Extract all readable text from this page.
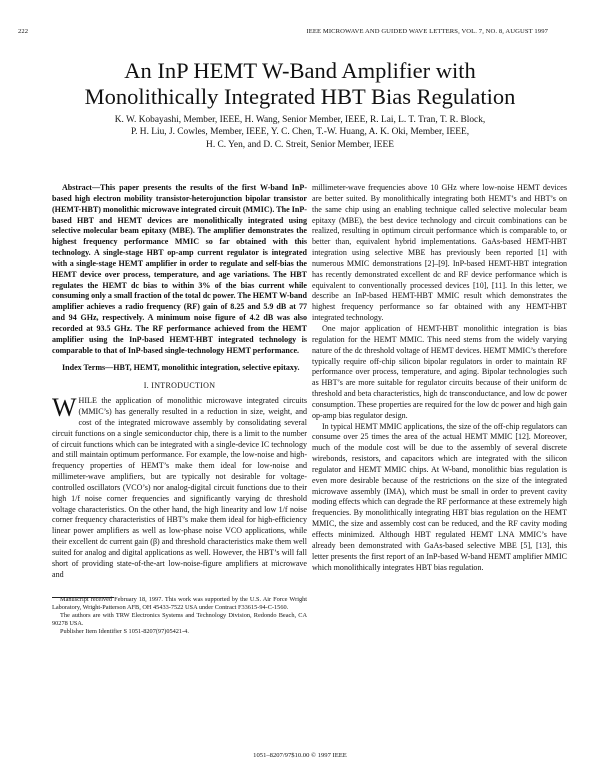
222	IEEE MICROWAVE AND GUIDED WAVE LETTERS, VOL. 7, NO. 8, AUGUST 1997
An InP HEMT W-Band Amplifier with
Monolithically Integrated HBT Bias Regulation
K. W. Kobayashi, Member, IEEE, H. Wang, Senior Member, IEEE, R. Lai, L. T. Tran, T. R. Block,
P. H. Liu, J. Cowles, Member, IEEE, Y. C. Chen, T.-W. Huang, A. K. Oki, Member, IEEE,
H. C. Yen, and D. C. Streit, Senior Member, IEEE

Abstract—This paper presents the results of the first W-band InP-based high electron mobility transistor-heterojunction bipolar transistor (HEMT-HBT) monolithic microwave integrated circuit (MMIC). The InP-based HBT and HEMT devices are monolithically integrated using selective molecular beam epitaxy (MBE). The amplifier demonstrates the highest frequency performance MMIC so far obtained with this technology. A single-stage HBT op-amp current regulator is integrated with a single-stage HEMT amplifier in order to regulate and self-bias the HEMT device over process, temperature, and age variations. The HBT regulates the HEMT dc bias to within 3% of the bias current while consuming only a small fraction of the total dc power. The HEMT W-band amplifier achieves a radio frequency (RF) gain of 8.25 and 5.9 dB at 77 and 94 GHz, respectively. A minimum noise figure of 4.2 dB was also recorded at 93.5 GHz. The RF performance achieved from the HEMT amplifier using the InP-based HEMT-HBT integrated technology is comparable to that of InP-based single-technology HEMT performance.

Index Terms—HBT, HEMT, monolithic integration, selective epitaxy.

I. INTRODUCTION

WHILE the application of monolithic microwave integrated circuits (MMIC’s) has generally resulted in a reduction in size, weight, and cost of the integrated microwave assembly by consolidating several circuit functions on a single semiconductor chip, there is a limit to the number of circuit functions which can be integrated with a single-device IC technology and still maintain optimum performance. For example, the low-noise and high-frequency properties of HEMT’s make them ideal for low-noise and millimeter-wave amplifiers, but are typically not desirable for voltage-controlled oscillators (VCO’s) nor analog-digital circuit functions due to their high 1/f noise corner frequencies and significantly varying dc threshold voltage characteristics. On the other hand, the high linearity and low 1/f noise corner frequency characteristics of HBT’s make them ideal for high-efficiency linear power amplifiers as well as low-phase noise VCO applications, while their excellent dc current gain (β) and threshold characteristics make them well suited for analog and digital applications as well. However, the HBT’s will fall short of providing state-of-the-art low-noise-figure amplifiers at microwave and

Manuscript received February 18, 1997. This work was supported by the U.S. Air Force Wright Laboratory, Wright-Patterson AFB, OH 45433-7522 USA under Contract F33615-94-C-1560.

The authors are with TRW Electronics Systems and Technology Division, Redondo Beach, CA 90278 USA.

Publisher Item Identifier S 1051-8207(97)05421-4.

millimeter-wave frequencies above 10 GHz where low-noise HEMT devices are better suited. By monolithically integrating both HEMT’s and HBT’s on the same chip using an enabling technique called selective molecular beam epitaxy (MBE), the best device technology and circuit combinations can be realized, resulting in optimum circuit performance which is comparable to, or better than, equivalent hybrid implementations. GaAs-based HEMT-HBT integration using selective MBE has previously been reported [1] with numerous MMIC demonstrations [2]–[9]. InP-based HEMT-HBT integration has recently demonstrated excellent dc and RF device performance which is equivalent to conventionally processed devices [10], [11]. In this letter, we describe an InP-based HEMT-HBT MMIC result which demonstrates the highest frequency performance so far obtained with any HEMT-HBT integrated technology.

One major application of HEMT-HBT monolithic integration is bias regulation for the HEMT MMIC. This need stems from the widely varying nature of the dc threshold voltage of HEMT devices. HEMT MMIC’s therefore typically require off-chip silicon bipolar regulators in order to maintain RF performance over process, temperature, and aging. Bipolar technologies such as HBT’s are more suitable for regulator circuits because of their uniform dc threshold and beta characteristics, high dc transconductance, and low dc power consumption. These properties are required for the low dc power and high gain op-amp bias regulator design.

In typical HEMT MMIC applications, the size of the off-chip regulators can consume over 25 times the area of the actual HEMT MMIC [12]. Moreover, much of the module cost will be due to the assembly of several discrete wirebonds, resistors, and capacitors which are integrated with the silicon regulator and HEMT MMIC chips. At W-band, monolithic bias regulation is even more desirable because of the restrictions on the size of the integrated microwave assembly (IMA), which must be small in order to prevent cavity moding effects which can degrade the RF performance at these extremely high frequencies. By monolithically integrating HBT bias regulation on the HEMT MMIC, the size and assembly cost can be reduced, and the RF cavity moding effects minimized. Although HBT regulated HEMT LNA MMIC’s have already been demonstrated with GaAs-based selective MBE [5], [13], this letter presents the first report of an InP-based W-band HEMT amplifier MMIC which monolithically integrates HBT bias regulation.

1051–8207/97$10.00 © 1997 IEEE
